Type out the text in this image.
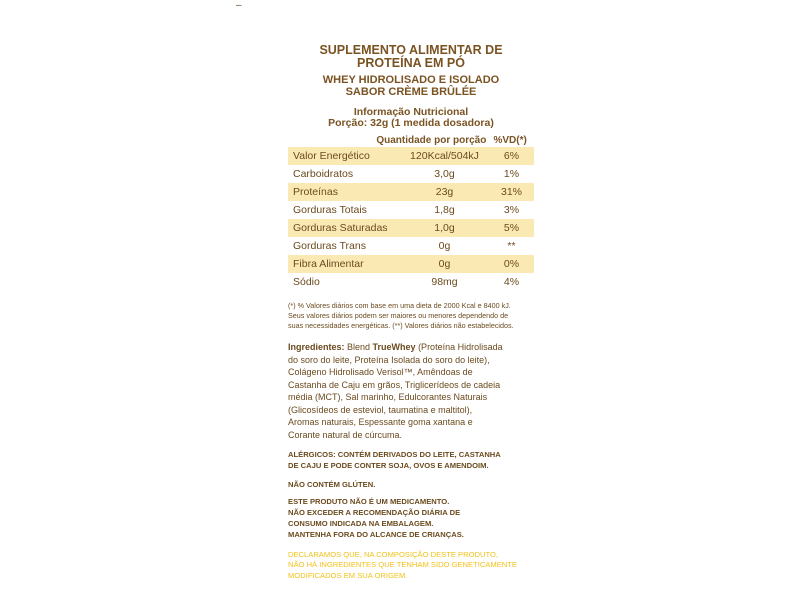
–
SUPLEMENTO ALIMENTAR DE
PROTEÍNA EM PÓ
WHEY HIDROLISADO E ISOLADO
SABOR CRÈME BRÛLÉE
Informação Nutricional
Porção: 32g (1 medida dosadora)
Quantidade por porção %VD(*)
Valor Energético	120Kcal/504kJ	6%
Carboidratos	3,0g	1%
Proteínas	23g	31%
Gorduras Totais	1,8g	3%
Gorduras Saturadas	1,0g	5%
Gorduras Trans	0g	**
Fibra Alimentar	0g	0%
Sódio	98mg	4%
(*) % Valores diários com base em uma dieta de 2000 Kcal e 8400 kJ.
Seus valores diários podem ser maiores ou menores dependendo de
suas necessidades energéticas. (**) Valores diários não estabelecidos.
Ingredientes: Blend TrueWhey (Proteína Hidrolisada
do soro do leite, Proteína Isolada do soro do leite),
Colágeno Hidrolisado Verisol™, Amêndoas de
Castanha de Caju em grãos, Triglicerídeos de cadeia
média (MCT), Sal marinho, Edulcorantes Naturais
(Glicosídeos de esteviol, taumatina e maltitol),
Aromas naturais, Espessante goma xantana e
Corante natural de cúrcuma.
ALÉRGICOS: CONTÉM DERIVADOS DO LEITE, CASTANHA
DE CAJU E PODE CONTER SOJA, OVOS E AMENDOIM.
NÃO CONTÉM GLÚTEN.
ESTE PRODUTO NÃO É UM MEDICAMENTO.
NÃO EXCEDER A RECOMENDAÇÃO DIÁRIA DE
CONSUMO INDICADA NA EMBALAGEM.
MANTENHA FORA DO ALCANCE DE CRIANÇAS.
DECLARAMOS QUE, NA COMPOSIÇÃO DESTE PRODUTO,
NÃO HÁ INGREDIENTES QUE TENHAM SIDO GENETICAMENTE
MODIFICADOS EM SUA ORIGEM.
